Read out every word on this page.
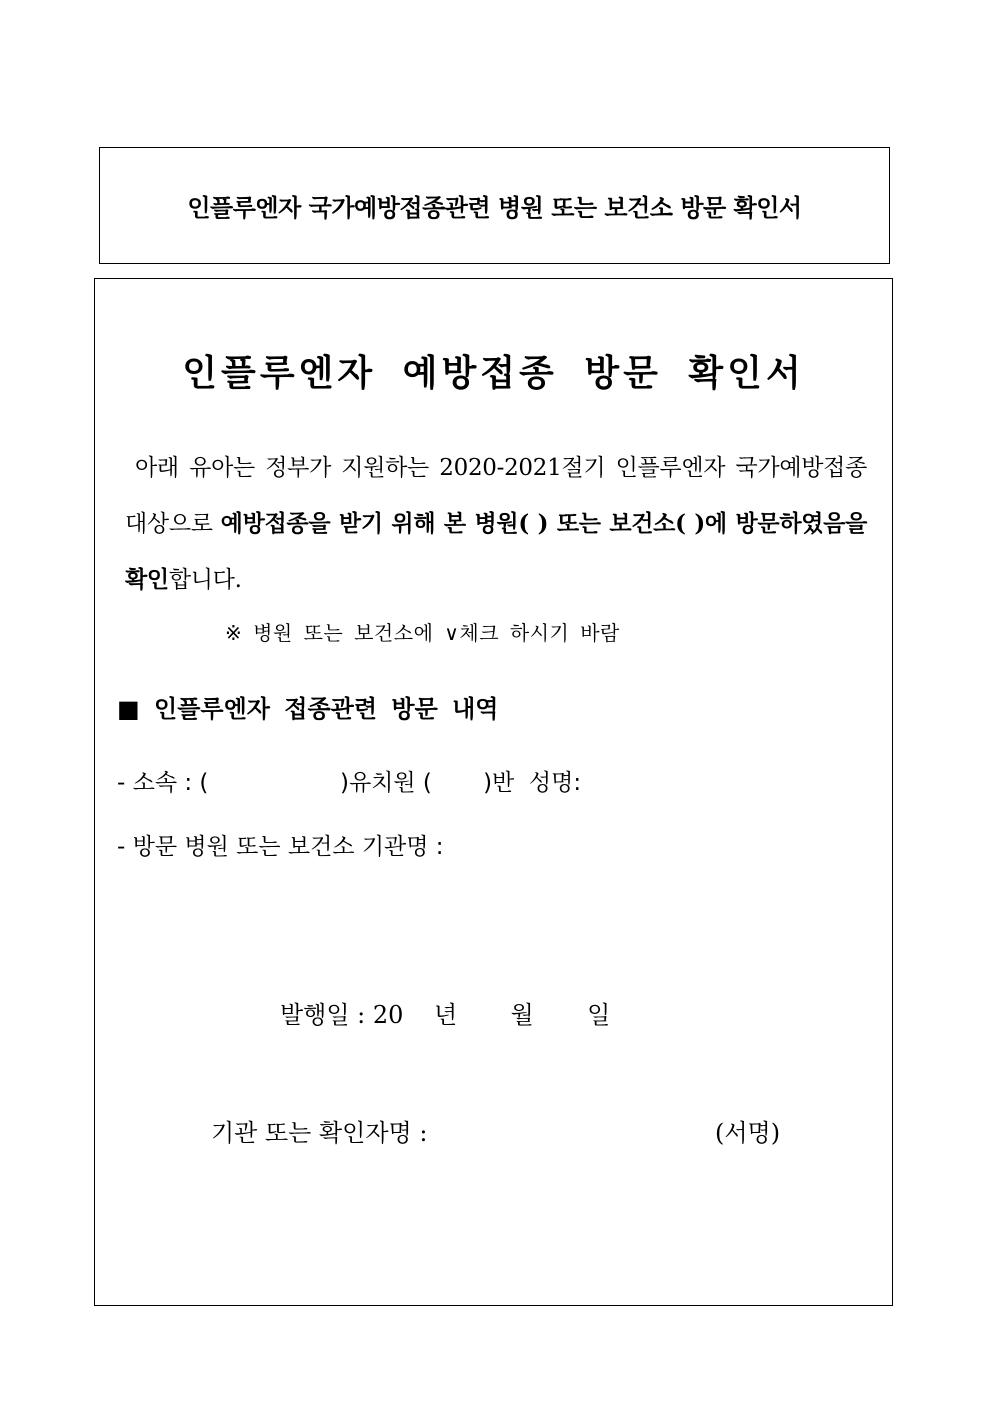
인플루엔자 국가예방접종관련 병원 또는 보건소 방문 확인서
인플루엔자 예방접종 방문 확인서
아래 유아는 정부가 지원하는 2020-2021절기 인플루엔자 국가예방접종 대상으로 예방접종을 받기 위해 본 병원( ) 또는 보건소( )에 방문하였음을 확인합니다.
※ 병원 또는 보건소에 ∨체크 하시기 바람
■ 인플루엔자 접종관련 방문 내역
- 소속 : (                  )유치원 (       )반  성명:
- 방문 병원 또는 보건소 기관명 :
발행일 : 20    년       월       일
기관 또는 확인자명 :	(서명)
